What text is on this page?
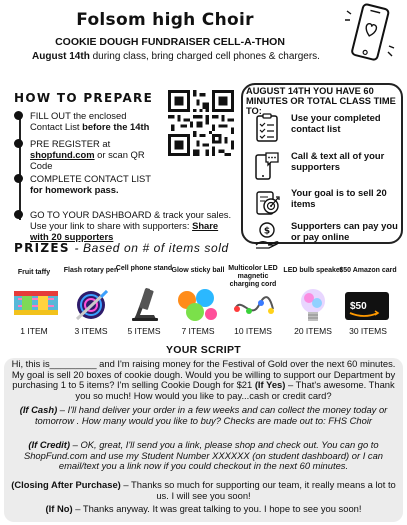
Folsom high Choir
COOKIE DOUGH FUNDRAISER CELL-A-THON
August 14th during class, bring charged cell phones & chargers.
HOW TO PREPARE
FILL OUT the enclosed Contact List before the 14th
PRE REGISTER at shopfund.com or scan QR Code
COMPLETE CONTACT LIST for homework pass.
GO TO YOUR DASHBOARD & track your sales. Use your link to share with supporters: Share with 20 supporters
AUGUST 14TH YOU HAVE 60 MINUTES OR TOTAL CLASS TIME TO:
Use your completed contact list
Call & text all of your supporters
Your goal is to sell 20 items
$
Supporters can pay you or pay online
PRIZES - Based on # of items sold
Fruit taffy
1 ITEM
Flash rotary pen
3 ITEMS
Cell phone stand
5 ITEMS
Glow sticky ball
7 ITEMS
Multicolor LED magnetic charging cord
10 ITEMS
LED bulb speaker
20 ITEMS
$50 Amazon card
$50
30 ITEMS
YOUR SCRIPT
Hi, this is_________ and I'm raising money for the Festival of Gold over the next 60 minutes. My goal is sell 20 boxes of cookie dough. Would you be willing to support our Department by purchasing 1 to 5 items? I'm selling Cookie Dough for $21 (If Yes) – That's awesome. Thank you so much! How would you like to pay...cash or credit card?
(If Cash) – I'll hand deliver your order in a few weeks and can collect the money today or tomorrow . How many would you like to buy? Checks are made out to: FHS Choir
(If Credit) – OK, great, I'll send you a link, please shop and check out. You can go to ShopFund.com and use my Student Number XXXXXX (on student dashboard) or I can email/text you a link now if you could checkout in the next 60 minutes.
(Closing After Purchase) – Thanks so much for supporting our team, it really means a lot to us. I will see you soon!
(If No) – Thanks anyway. It was great talking to you. I hope to see you soon!
